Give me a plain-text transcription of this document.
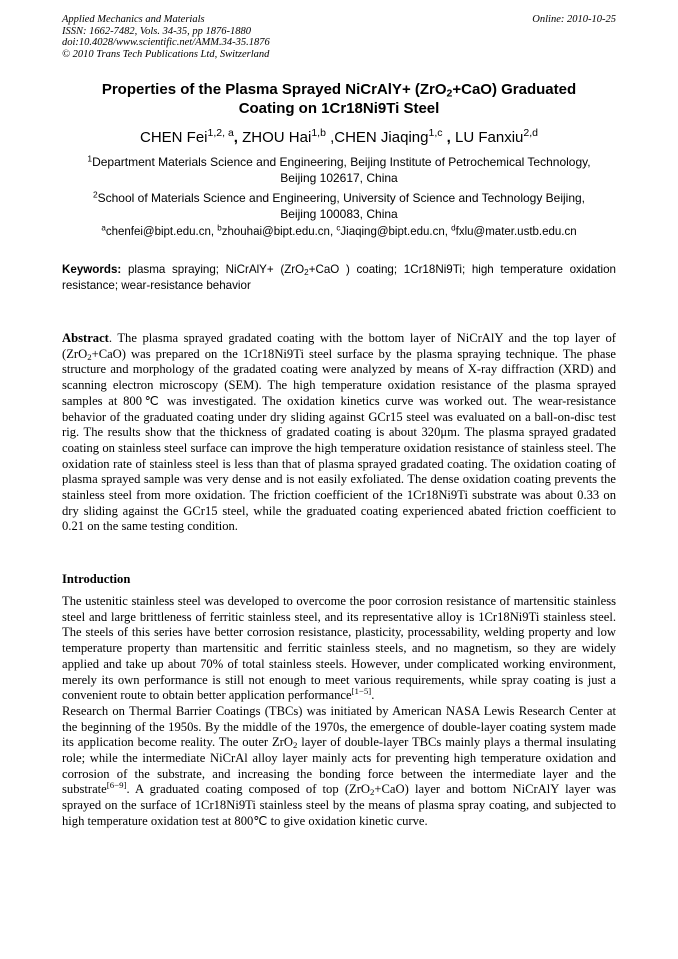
Applied Mechanics and Materials
ISSN: 1662-7482, Vols. 34-35, pp 1876-1880
doi:10.4028/www.scientific.net/AMM.34-35.1876
© 2010 Trans Tech Publications Ltd, Switzerland
Online: 2010-10-25
Properties of the Plasma Sprayed NiCrAlY+ (ZrO$_2$+CaO) Graduated
Coating on 1Cr18Ni9Ti Steel
CHEN Fei$^{1,2, a}$, ZHOU Hai$^{1,b}$ ,CHEN Jiaqing$^{1,c}$ , LU Fanxiu$^{2,d}$
$^1$Department Materials Science and Engineering, Beijing Institute of Petrochemical Technology,
Beijing 102617, China
$^2$School of Materials Science and Engineering, University of Science and Technology Beijing,
Beijing 100083, China
$^a$chenfei@bipt.edu.cn, $^b$zhouhai@bipt.edu.cn, $^c$Jiaqing@bipt.edu.cn, $^d$fxlu@mater.ustb.edu.cn
Keywords: plasma spraying; NiCrAlY+ (ZrO$_2$+CaO ) coating; 1Cr18Ni9Ti; high temperature oxidation resistance; wear-resistance behavior

Abstract. The plasma sprayed gradated coating with the bottom layer of NiCrAlY and the top layer of (ZrO$_2$+CaO) was prepared on the 1Cr18Ni9Ti steel surface by the plasma spraying technique. The phase structure and morphology of the gradated coating were analyzed by means of X-ray diffraction (XRD) and scanning electron microscopy (SEM). The high temperature oxidation resistance of the plasma sprayed samples at 800℃ was investigated. The oxidation kinetics curve was worked out. The wear-resistance behavior of the graduated coating under dry sliding against GCr15 steel was evaluated on a ball-on-disc test rig. The results show that the thickness of gradated coating is about 320μm. The plasma sprayed gradated coating on stainless steel surface can improve the high temperature oxidation resistance of stainless steel. The oxidation rate of stainless steel is less than that of plasma sprayed gradated coating. The oxidation coating of plasma sprayed sample was very dense and is not easily exfoliated. The dense oxidation coating prevents the stainless steel from more oxidation. The friction coefficient of the 1Cr18Ni9Ti substrate was about 0.33 on dry sliding against the GCr15 steel, while the graduated coating experienced abated friction coefficient to 0.21 on the same testing condition.

Introduction

The ustenitic stainless steel was developed to overcome the poor corrosion resistance of martensitic stainless steel and large brittleness of ferritic stainless steel, and its representative alloy is 1Cr18Ni9Ti stainless steel. The steels of this series have better corrosion resistance, plasticity, processability, welding property and low temperature property than martensitic and ferritic stainless steels, and no magnetism, so they are widely applied and take up about 70% of total stainless steels. However, under complicated working environment, merely its own performance is still not enough to meet various requirements, while spray coating is just a convenient route to obtain better application performance[1−5].

Research on Thermal Barrier Coatings (TBCs) was initiated by American NASA Lewis Research Center at the beginning of the 1950s. By the middle of the 1970s, the emergence of double-layer coating system made its application become reality. The outer ZrO$_2$ layer of double-layer TBCs mainly plays a thermal insulating role; while the intermediate NiCrAl alloy layer mainly acts for preventing high temperature oxidation and corrosion of the substrate, and increasing the bonding force between the intermediate layer and the substrate[6−9]. A graduated coating composed of top (ZrO$_2$+CaO) layer and bottom NiCrAlY layer was sprayed on the surface of 1Cr18Ni9Ti stainless steel by the means of plasma spray coating, and subjected to high temperature oxidation test at 800℃ to give oxidation kinetic curve.
